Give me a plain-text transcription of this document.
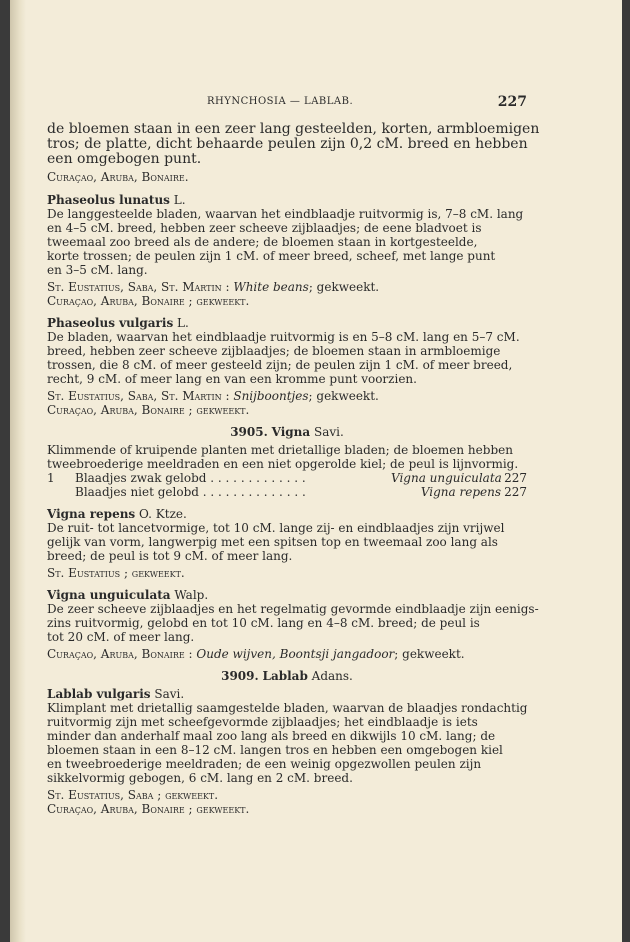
RHYNCHOSIA — LABLAB.	227
de bloemen staan in een zeer lang gesteelden, korten, armbloemigen
tros; de platte, dicht behaarde peulen zijn 0,2 cM. breed en hebben
een omgebogen punt.
Curaçao, Aruba, Bonaire.
Phaseolus lunatus L.
De langgesteelde bladen, waarvan het eindblaadje ruitvormig is, 7–8 cM. lang
en 4–5 cM. breed, hebben zeer scheeve zijblaadjes; de eene bladvoet is
tweemaal zoo breed als de andere; de bloemen staan in kortgesteelde,
korte trossen; de peulen zijn 1 cM. of meer breed, scheef, met lange punt
en 3–5 cM. lang.
St. Eustatius, Saba, St. Martin : White beans; gekweekt.
Curaçao, Aruba, Bonaire ; gekweekt.
Phaseolus vulgaris L.
De bladen, waarvan het eindblaadje ruitvormig is en 5–8 cM. lang en 5–7 cM.
breed, hebben zeer scheeve zijblaadjes; de bloemen staan in armbloemige
trossen, die 8 cM. of meer gesteeld zijn; de peulen zijn 1 cM. of meer breed,
recht, 9 cM. of meer lang en van een kromme punt voorzien.
St. Eustatius, Saba, St. Martin : Snijboontjes; gekweekt.
Curaçao, Aruba, Bonaire ; gekweekt.
3905. Vigna Savi.
Klimmende of kruipende planten met drietallige bladen; de bloemen hebben
tweebroederige meeldraden en een niet opgerolde kiel; de peul is lijnvormig.
1	Blaadjes zwak gelobd . . . . . . . . . . . . .	Vigna unguiculata 227
Blaadjes niet gelobd . . . . . . . . . . . . . .	Vigna repens 227
Vigna repens O. Ktze.
De ruit- tot lancetvormige, tot 10 cM. lange zij- en eindblaadjes zijn vrijwel
gelijk van vorm, langwerpig met een spitsen top en tweemaal zoo lang als
breed; de peul is tot 9 cM. of meer lang.
St. Eustatius ; gekweekt.
Vigna unguiculata Walp.
De zeer scheeve zijblaadjes en het regelmatig gevormde eindblaadje zijn eenigs-
zins ruitvormig, gelobd en tot 10 cM. lang en 4–8 cM. breed; de peul is
tot 20 cM. of meer lang.
Curaçao, Aruba, Bonaire : Oude wijven, Boontsji jangadoor; gekweekt.
3909. Lablab Adans.
Lablab vulgaris Savi.
Klimplant met drietallig saamgestelde bladen, waarvan de blaadjes rondachtig
ruitvormig zijn met scheefgevormde zijblaadjes; het eindblaadje is iets
minder dan anderhalf maal zoo lang als breed en dikwijls 10 cM. lang; de
bloemen staan in een 8–12 cM. langen tros en hebben een omgebogen kiel
en tweebroederige meeldraden; de een weinig opgezwollen peulen zijn
sikkelvormig gebogen, 6 cM. lang en 2 cM. breed.
St. Eustatius, Saba ; gekweekt.
Curaçao, Aruba, Bonaire ; gekweekt.
